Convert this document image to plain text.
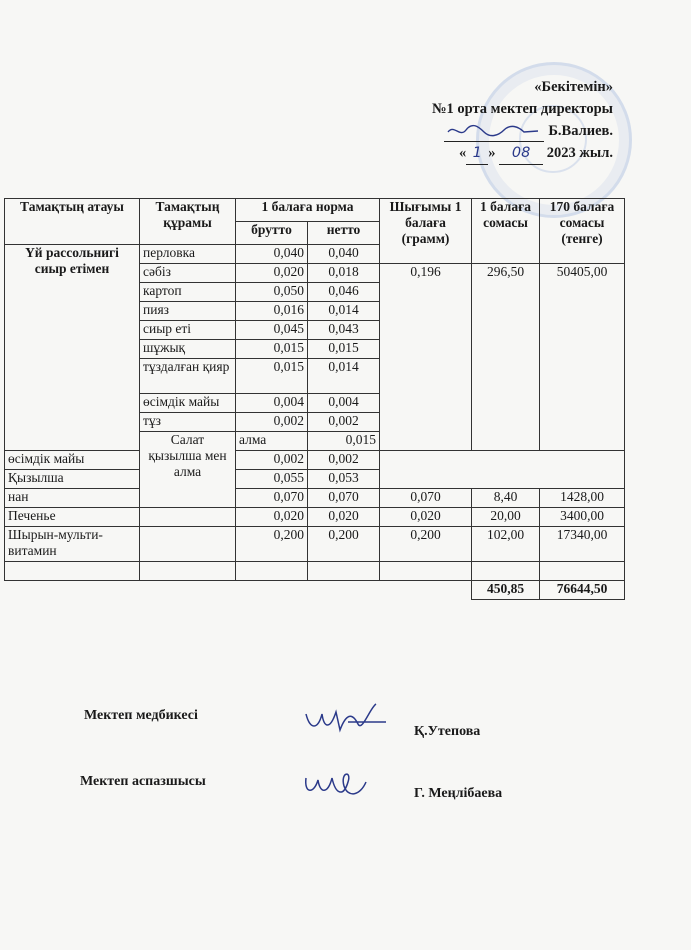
«Бекітемін»
№1 орта мектеп директоры
Б.Валиев.
« 1 » 08 2023 жыл.
Тамақтың атауы	Тамақтың құрамы	1 балаға норма		Шығымы 1 балаға (грамм)	1 балаға сомасы	170 балаға сомасы (тенге)	
		брутто	нетто				
Үй рассольнигі сиыр етімен	перловка	0,040	0,040				
	сәбіз	0,020	0,018	0,196	296,50	50405,00	
	картоп	0,050	0,046				
	пияз	0,016	0,014				
	сиыр еті	0,045	0,043				
	шұжық	0,015	0,015				
	тұздалған қияр	0,015	0,014				
	өсімдік майы	0,004	0,004				
	тұз	0,002	0,002				
	Салат қызылша мен алма	алма	0,015				
өсімдік майы		0,002	0,002				
Қызылша		0,055	0,053				
нан		0,070	0,070	0,070	8,40	1428,00	
Печенье		0,020	0,020	0,020	20,00	3400,00	
Шырын-мульти-витамин		0,200	0,200	0,200	102,00	17340,00	

					450,85	76644,50	
Мектеп медбикесі
Қ.Утепова
Мектеп аспазшысы
Г. Меңлібаева
